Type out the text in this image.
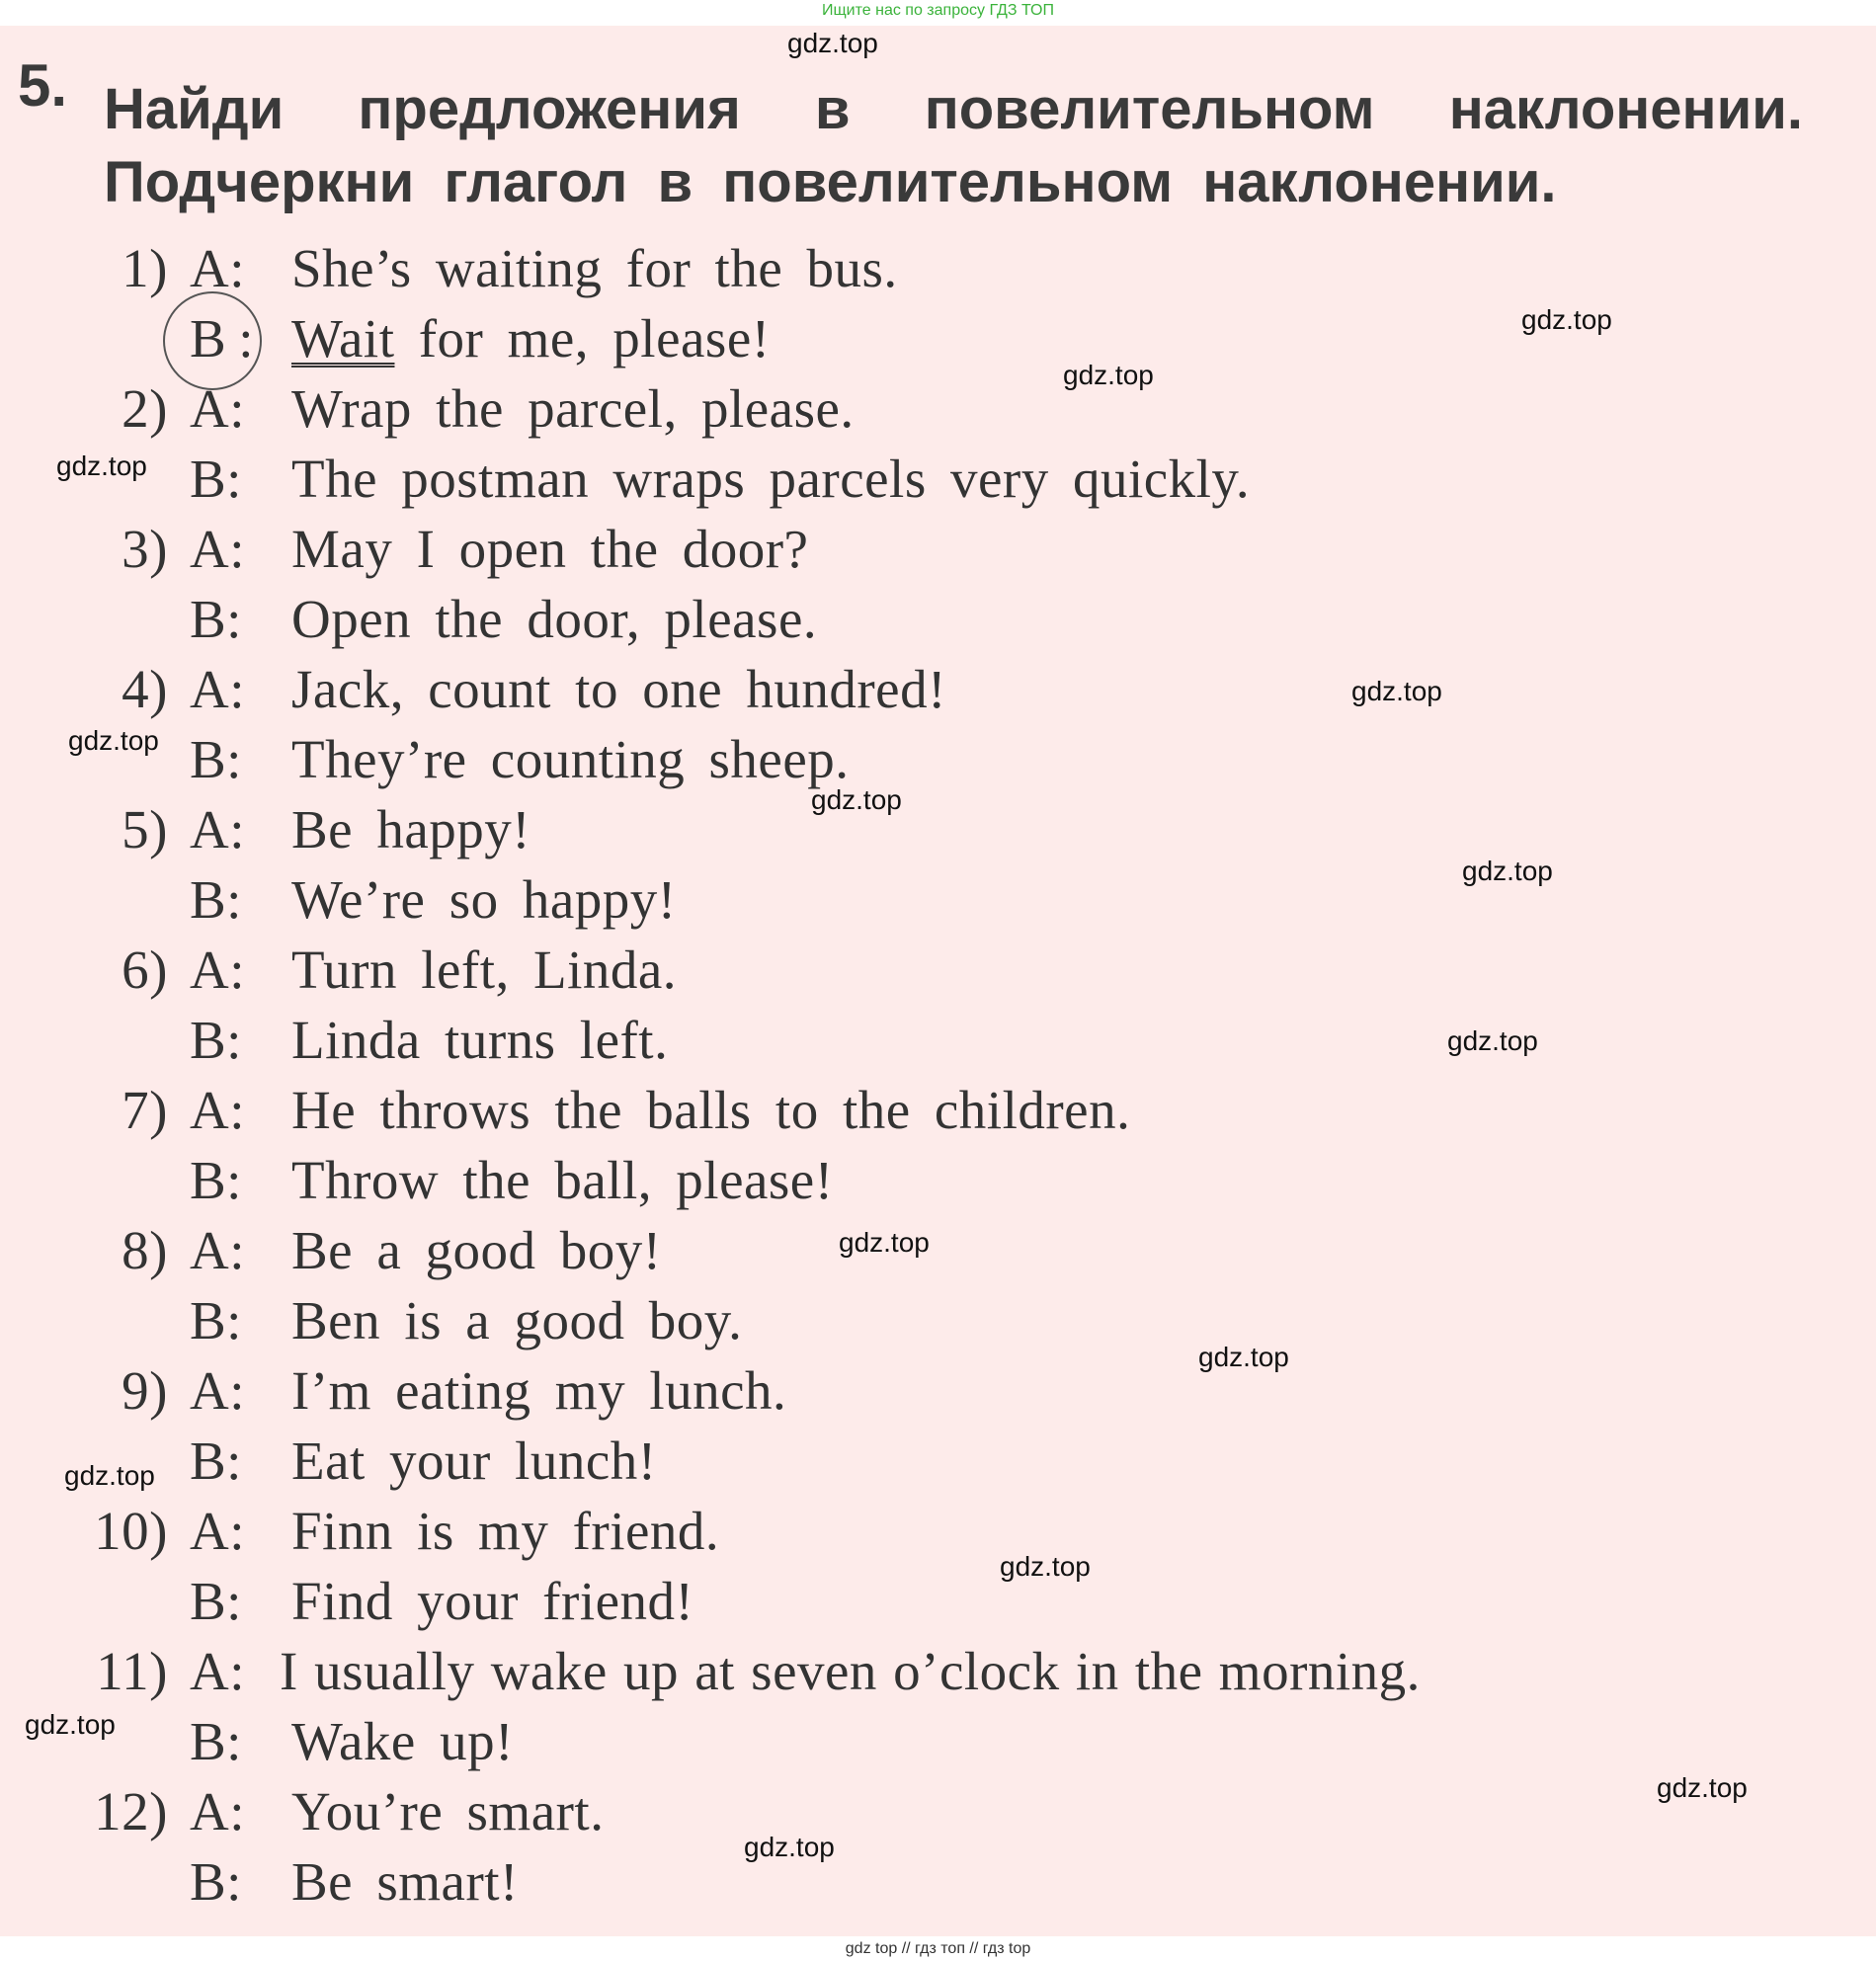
Ищите нас по запросу ГДЗ ТОП
5. Найди предложения в повелительном наклонении.
Подчеркни глагол в повелительном наклонении.
1) A: She’s waiting for the bus.
B : Wait for me, please!
2) A: Wrap the parcel, please.
B: The postman wraps parcels very quickly.
3) A: May I open the door?
B: Open the door, please.
4) A: Jack, count to one hundred!
B: They’re counting sheep.
5) A: Be happy!
B: We’re so happy!
6) A: Turn left, Linda.
B: Linda turns left.
7) A: He throws the balls to the children.
B: Throw the ball, please!
8) A: Be a good boy!
B: Ben is a good boy.
9) A: I’m eating my lunch.
B: Eat your lunch!
10) A: Finn is my friend.
B: Find your friend!
11) A: I usually wake up at seven o’clock in the morning.
B: Wake up!
12) A: You’re smart.
B: Be smart!
gdz.top
gdz.top
gdz.top
gdz.top
gdz.top
gdz.top
gdz.top
gdz.top
gdz.top
gdz.top
gdz.top
gdz.top
gdz.top
gdz.top
gdz.top
gdz.top
gdz top // гдз топ // гдз top
